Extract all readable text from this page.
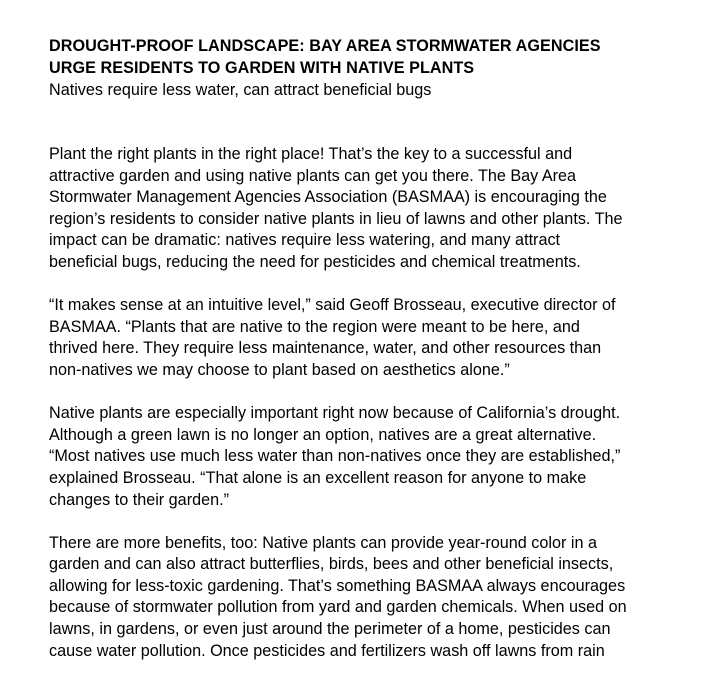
DROUGHT-PROOF LANDSCAPE: BAY AREA STORMWATER AGENCIES
URGE RESIDENTS TO GARDEN WITH NATIVE PLANTS

Natives require less water, can attract beneficial bugs

Plant the right plants in the right place! That’s the key to a successful and
attractive garden and using native plants can get you there. The Bay Area
Stormwater Management Agencies Association (BASMAA) is encouraging the
region’s residents to consider native plants in lieu of lawns and other plants. The
impact can be dramatic: natives require less watering, and many attract
beneficial bugs, reducing the need for pesticides and chemical treatments.

“It makes sense at an intuitive level,” said Geoff Brosseau, executive director of
BASMAA. “Plants that are native to the region were meant to be here, and
thrived here. They require less maintenance, water, and other resources than
non-natives we may choose to plant based on aesthetics alone.”

Native plants are especially important right now because of California’s drought.
Although a green lawn is no longer an option, natives are a great alternative.
“Most natives use much less water than non-natives once they are established,”
explained Brosseau. “That alone is an excellent reason for anyone to make
changes to their garden.”

There are more benefits, too: Native plants can provide year-round color in a
garden and can also attract butterflies, birds, bees and other beneficial insects,
allowing for less-toxic gardening. That’s something BASMAA always encourages
because of stormwater pollution from yard and garden chemicals. When used on
lawns, in gardens, or even just around the perimeter of a home, pesticides can
cause water pollution. Once pesticides and fertilizers wash off lawns from rain
